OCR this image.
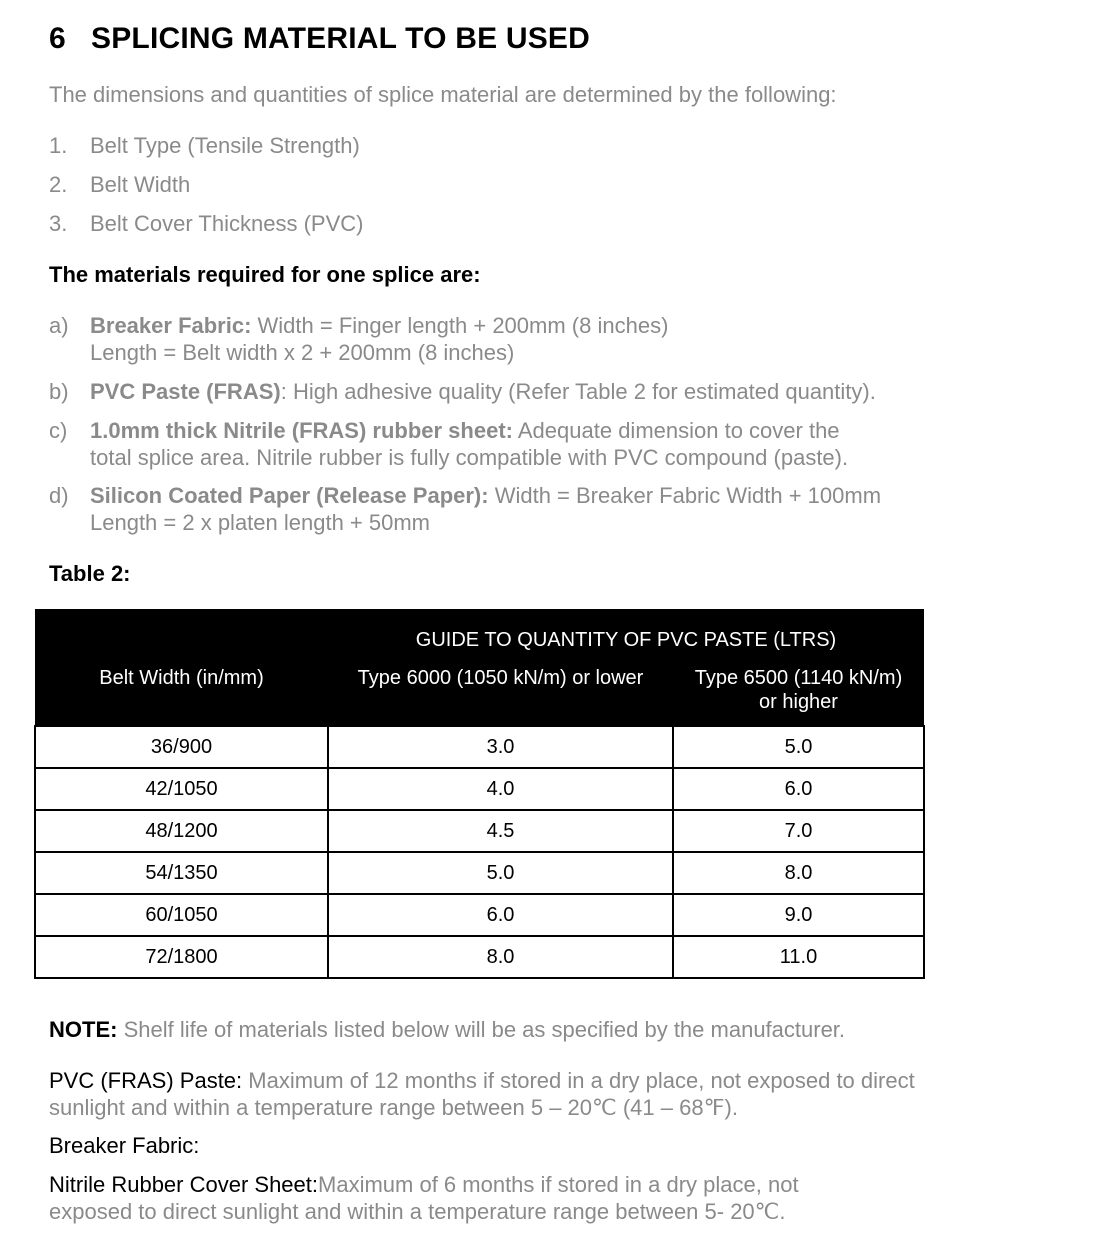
6 SPLICING MATERIAL TO BE USED
The dimensions and quantities of splice material are determined by the following:
1. Belt Type (Tensile Strength)
2. Belt Width
3. Belt Cover Thickness (PVC)
The materials required for one splice are:
a) Breaker Fabric: Width = Finger length + 200mm (8 inches)
Length = Belt width x 2 + 200mm (8 inches)
b) PVC Paste (FRAS): High adhesive quality (Refer Table 2 for estimated quantity).
c) 1.0mm thick Nitrile (FRAS) rubber sheet: Adequate dimension to cover the
total splice area. Nitrile rubber is fully compatible with PVC compound (paste).
d) Silicon Coated Paper (Release Paper): Width = Breaker Fabric Width + 100mm
Length = 2 x platen length + 50mm
Table 2:
	GUIDE TO QUANTITY OF PVC PASTE (LTRS)	
Belt Width (in/mm)	Type 6000 (1050 kN/m) or lower	Type 6500 (1140 kN/m) or higher
36/900	3.0	5.0
42/1050	4.0	6.0
48/1200	4.5	7.0
54/1350	5.0	8.0
60/1050	6.0	9.0
72/1800	8.0	11.0
NOTE: Shelf life of materials listed below will be as specified by the manufacturer.
PVC (FRAS) Paste: Maximum of 12 months if stored in a dry place, not exposed to direct sunlight and within a temperature range between 5 – 20℃ (41 – 68℉).
Breaker Fabric:
Nitrile Rubber Cover Sheet:Maximum of 6 months if stored in a dry place, not exposed to direct sunlight and within a temperature range between 5- 20℃.
